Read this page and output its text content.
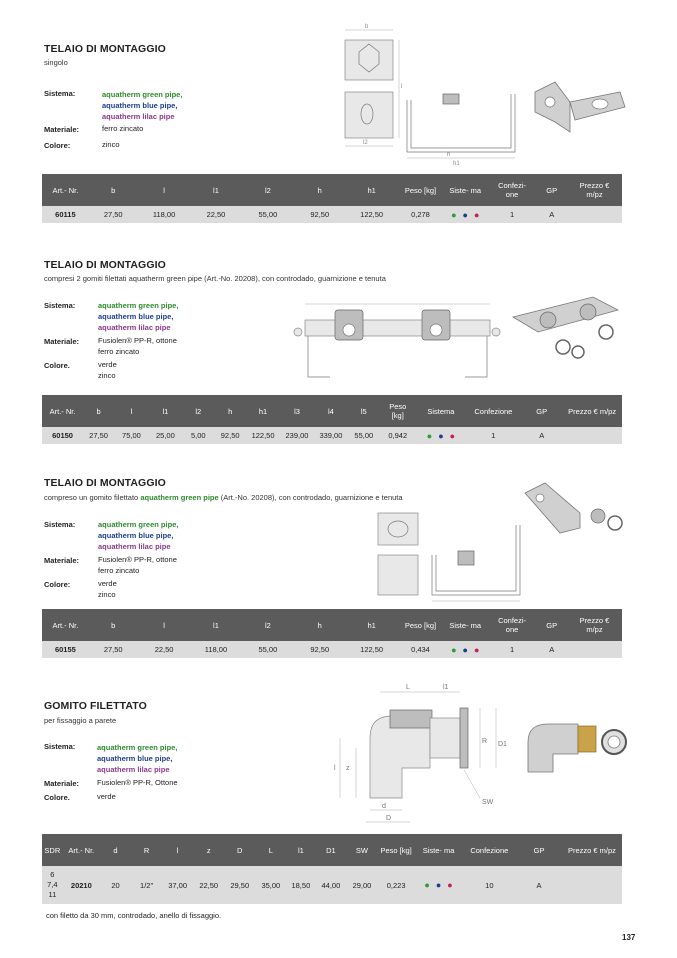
TELAIO DI MONTAGGIO
singolo
Sistema:	aquatherm green pipe,
aquatherm blue pipe,
aquatherm lilac pipe
Materiale:	ferro zincato
Colore:	zinco
b
l2
l
h
h1
Art.- Nr.	b	l	l1	l2	h	h1	Peso [kg]	Siste- ma	Confezi- one	GP	Prezzo € m/pz
60115	27,50	118,00	22,50	55,00	92,50	122,50	0,278	● ● ●	1	A	
TELAIO DI MONTAGGIO
compresi 2 gomiti filettati aquatherm green pipe (Art.-No. 20208), con controdado, guarnizione e tenuta
Sistema:	aquatherm green pipe,
aquatherm blue pipe,
aquatherm lilac pipe
Materiale:	Fusiolen® PP-R, ottone
ferro zincato
Colore.	verde
zinco
Art.- Nr.	b	l	l1	l2	h	h1	l3	l4	l5	Peso [kg]	Sistema	Confezione	GP	Prezzo € m/pz
60150	27,50	75,00	25,00	5,00	92,50	122,50	239,00	339,00	55,00	0,942	● ● ●	1	A	
TELAIO DI MONTAGGIO
compreso un gomito filettato aquatherm green pipe (Art.-No. 20208), con controdado, guarnizione e tenuta
Sistema:	aquatherm green pipe,
aquatherm blue pipe,
aquatherm lilac pipe
Materiale:	Fusiolen® PP-R, ottone
ferro zincato
Colore:	verde
zinco
Art.- Nr.	b	l	l1	l2	h	h1	Peso [kg]	Siste- ma	Confezi- one	GP	Prezzo € m/pz
60155	27,50	22,50	118,00	55,00	92,50	122,50	0,434	● ● ●	1	A	
GOMITO FILETTATO
per fissaggio a parete
Sistema:	aquatherm green pipe,
aquatherm blue pipe,
aquatherm lilac pipe
Materiale: Fusiolen® PP-R, Ottone
Colore.	verde
L	l1
R D1
l z
d
D
SW
SDR	Art.- Nr.	d	R	l	z	D	L	l1	D1	SW	Peso [kg]	Siste- ma	Confezione	GP	Prezzo € m/pz

6
7,4
11	20210	20	1/2"	37,00	22,50	29,50	35,00	18,50	44,00	29,00	0,223	● ● ●	10	A	
con filetto da 30 mm, controdado, anello di fissaggio.
137
